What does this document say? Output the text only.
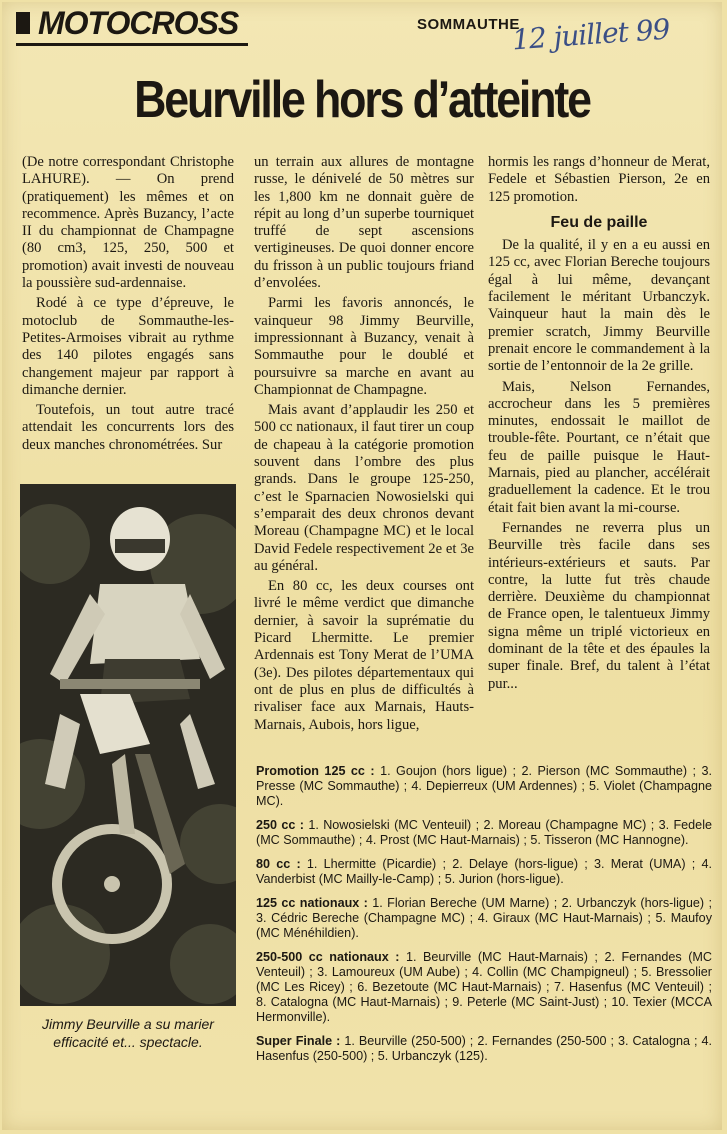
MOTOCROSS	SOMMAUTHE
12 juillet 99
Beurville hors d’atteinte

(De notre correspondant Christophe LAHURE). — On prend (pratiquement) les mêmes et on recommence. Après Buzancy, l’acte II du championnat de Champagne (80 cm3, 125, 250, 500 et promotion) avait investi de nouveau la poussière sud-ardennaise.

Rodé à ce type d’épreuve, le motoclub de Sommauthe-les-Petites-Armoises vibrait au rythme des 140 pilotes engagés sans changement majeur par rapport à dimanche dernier.

Toutefois, un tout autre tracé attendait les concurrents lors des deux manches chronométrées. Sur

Jimmy Beurville a su marier efficacité et... spectacle.

un terrain aux allures de montagne russe, le dénivelé de 50 mètres sur les 1,800 km ne donnait guère de répit au long d’un superbe tourniquet truffé de sept ascensions vertigineuses. De quoi donner encore du frisson à un public toujours friand d’envolées.

Parmi les favoris annoncés, le vainqueur 98 Jimmy Beurville, impressionnant à Buzancy, venait à Sommauthe pour le doublé et poursuivre sa marche en avant au Championnat de Champagne.

Mais avant d’applaudir les 250 et 500 cc nationaux, il faut tirer un coup de chapeau à la catégorie promotion souvent dans l’ombre des plus grands. Dans le groupe 125-250, c’est le Sparnacien Nowosielski qui s’emparait des deux chronos devant Moreau (Champagne MC) et le local David Fedele respectivement 2e et 3e au général.

En 80 cc, les deux courses ont livré le même verdict que dimanche dernier, à savoir la suprématie du Picard Lhermitte. Le premier Ardennais est Tony Merat de l’UMA (3e). Des pilotes départementaux qui ont de plus en plus de difficultés à rivaliser face aux Marnais, Hauts-Marnais, Aubois, hors ligue,

hormis les rangs d’honneur de Merat, Fedele et Sébastien Pierson, 2e en 125 promotion.

Feu de paille

De la qualité, il y en a eu aussi en 125 cc, avec Florian Bereche toujours égal à lui même, devançant facilement le méritant Urbanczyk. Vainqueur haut la main dès le premier scratch, Jimmy Beurville prenait encore le commandement à la sortie de l’entonnoir de la 2e grille.

Mais, Nelson Fernandes, accrocheur dans les 5 premières minutes, endossait le maillot de trouble-fête. Pourtant, ce n’était que feu de paille puisque le Haut-Marnais, pied au plancher, accélérait graduellement la cadence. Et le trou était fait bien avant la mi-course.

Fernandes ne reverra plus un Beurville très facile dans ses intérieurs-extérieurs et sauts. Par contre, la lutte fut très chaude derrière. Deuxième du championnat de France open, le talentueux Jimmy signa même un triplé victorieux en dominant de la tête et des épaules la super finale. Bref, du talent à l’état pur...

Promotion 125 cc : 1. Goujon (hors ligue) ; 2. Pierson (MC Sommauthe) ; 3. Presse (MC Sommauthe) ; 4. Depierreux (UM Ardennes) ; 5. Violet (Champagne MC).

250 cc : 1. Nowosielski (MC Venteuil) ; 2. Moreau (Champagne MC) ; 3. Fedele (MC Sommauthe) ; 4. Prost (MC Haut-Marnais) ; 5. Tisseron (MC Hannogne).

80 cc : 1. Lhermitte (Picardie) ; 2. Delaye (hors-ligue) ; 3. Merat (UMA) ; 4. Vanderbist (MC Mailly-le-Camp) ; 5. Jurion (hors-ligue).

125 cc nationaux : 1. Florian Bereche (UM Marne) ; 2. Urbanczyk (hors-ligue) ; 3. Cédric Bereche (Champagne MC) ; 4. Giraux (MC Haut-Marnais) ; 5. Maufoy (MC Ménéhildien).

250-500 cc nationaux : 1. Beurville (MC Haut-Marnais) ; 2. Fernandes (MC Venteuil) ; 3. Lamoureux (UM Aube) ; 4. Collin (MC Champigneul) ; 5. Bressolier (MC Les Ricey) ; 6. Bezetoute (MC Haut-Marnais) ; 7. Hasenfus (MC Venteuil) ; 8. Catalogna (MC Haut-Marnais) ; 9. Peterle (MC Saint-Just) ; 10. Texier (MCCA Hermonville).

Super Finale : 1. Beurville (250-500) ; 2. Fernandes (250-500 ; 3. Catalogna ; 4. Hasenfus (250-500) ; 5. Urbanczyk (125).
